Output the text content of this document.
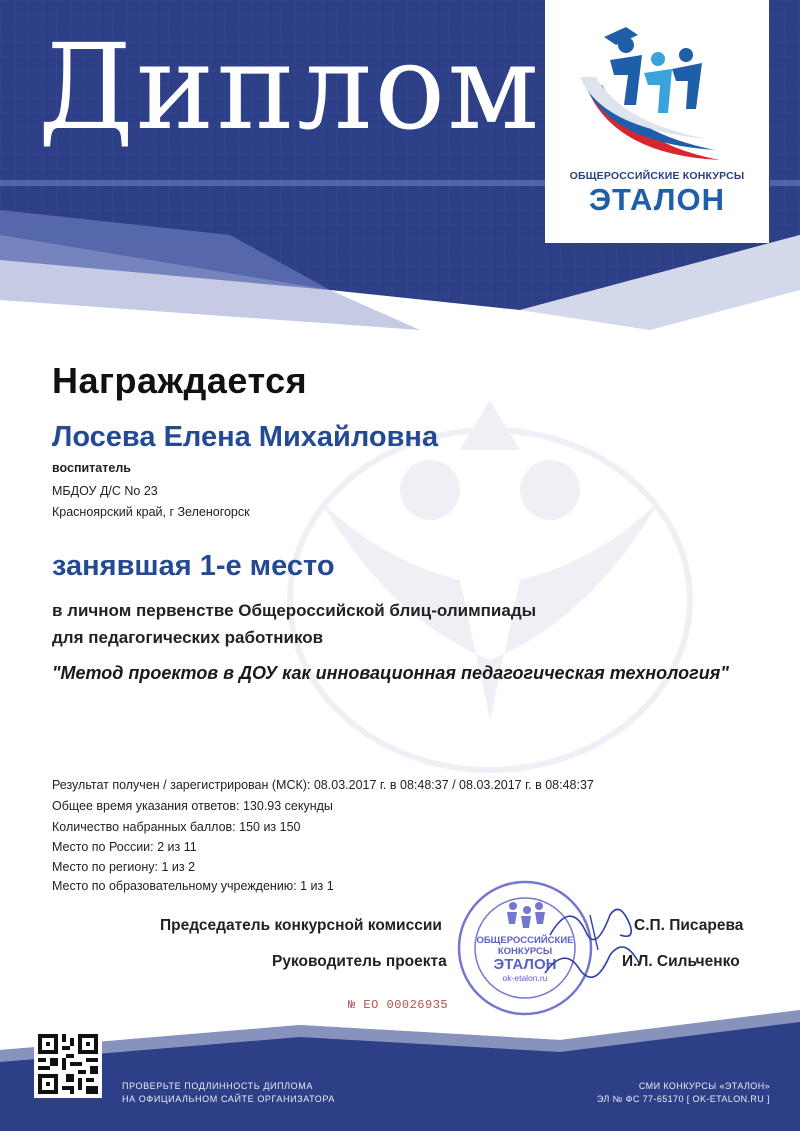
Диплом
ОБЩЕРОССИЙСКИЕ КОНКУРСЫ
ЭТАЛОН
Награждается
Лосева Елена Михайловна
воспитатель
МБДОУ Д/С No 23
Красноярский край, г Зеленогорск
занявшая 1-е место
в личном первенстве Общероссийской блиц-олимпиады
для педагогических работников
"Метод проектов в ДОУ как инновационная педагогическая технология"
Результат получен / зарегистрирован (МСК): 08.03.2017 г. в 08:48:37 / 08.03.2017 г. в 08:48:37
Общее время указания ответов: 130.93 секунды
Количество набранных баллов: 150 из 150
Место по России: 2 из 11
Место по региону: 1 из 2
Место по образовательному учреждению: 1 из 1
ОБЩЕРОССИЙСКИЕ
КОНКУРСЫ
ЭТАЛОН
ok-etalon.ru
Председатель конкурсной комиссии	С.П. Писарева
Руководитель проекта	И.Л. Сильченко
№ ЕО 00026935
ПРОВЕРЬТЕ ПОДЛИННОСТЬ ДИПЛОМА
НА ОФИЦИАЛЬНОМ САЙТЕ ОРГАНИЗАТОРА
СМИ КОНКУРСЫ «ЭТАЛОН»
ЭЛ № ФС 77-65170 [ OK-ETALON.RU ]
